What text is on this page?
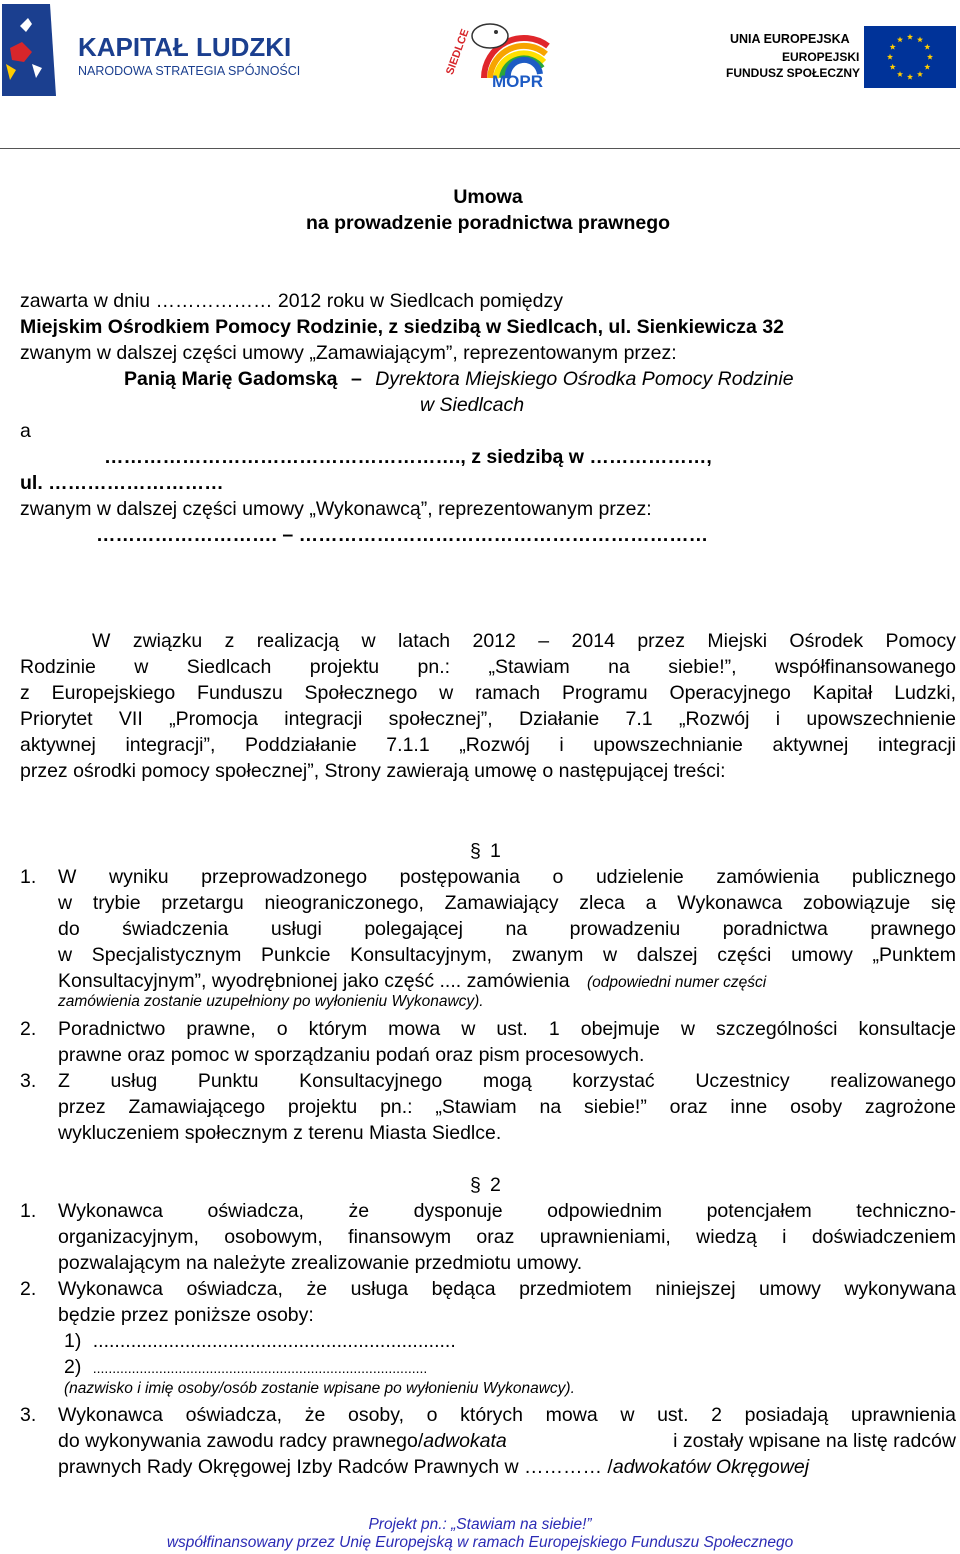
KAPITAŁ LUDZKI
NARODOWA STRATEGIA SPÓJNOŚCI	SIEDLCE
MOPR
UNIA EUROPEJSKA
EUROPEJSKI
FUNDUSZ SPOŁECZNY
Umowa
na prowadzenie poradnictwa prawnego
zawarta w dniu ……………… 2012 roku w Siedlcach pomiędzy
Miejskim Ośrodkiem Pomocy Rodzinie, z siedzibą w Siedlcach, ul. Sienkiewicza 32
zwanym w dalszej części umowy „Zamawiającym”, reprezentowanym przez:
Panią Marię Gadomską – Dyrektora Miejskiego Ośrodka Pomocy Rodzinie
w Siedlcach
a
………………………………………………., z siedzibą w ………………,
ul. ………………………
zwanym w dalszej części umowy „Wykonawcą”, reprezentowanym przez:
………………………. – ………………………………………………………
W związku z realizacją w latach 2012 – 2014 przez Miejski Ośrodek Pomocy
Rodzinie w Siedlcach projektu pn.: „Stawiam na siebie!”, współfinansowanego
z Europejskiego Funduszu Społecznego w ramach Programu Operacyjnego Kapitał Ludzki,
Priorytet VII „Promocja integracji społecznej”, Działanie 7.1 „Rozwój i upowszechnienie
aktywnej integracji”, Poddziałanie 7.1.1 „Rozwój i upowszechnianie aktywnej integracji
przez ośrodki pomocy społecznej”, Strony zawierają umowę o następującej treści:
§ 1
1. W wyniku przeprowadzonego postępowania o udzielenie zamówienia publicznego
w trybie przetargu nieograniczonego, Zamawiający zleca a Wykonawca zobowiązuje się
do świadczenia usługi polegającej na prowadzeniu poradnictwa prawnego
w Specjalistycznym Punkcie Konsultacyjnym, zwanym w dalszej części umowy „Punktem
Konsultacyjnym”, wyodrębnionej jako część .... zamówienia (odpowiedni numer części
zamówienia zostanie uzupełniony po wyłonieniu Wykonawcy).
2. Poradnictwo prawne, o którym mowa w ust. 1 obejmuje w szczególności konsultacje
prawne oraz pomoc w sporządzaniu podań oraz pism procesowych.
3. Z usług Punktu Konsultacyjnego mogą korzystać Uczestnicy realizowanego
przez Zamawiającego projektu pn.: „Stawiam na siebie!” oraz inne osoby zagrożone
wykluczeniem społecznym z terenu Miasta Siedlce.
§ 2
1. Wykonawca oświadcza, że dysponuje odpowiednim potencjałem techniczno-
organizacyjnym, osobowym, finansowym oraz uprawnieniami, wiedzą i doświadczeniem
pozwalającym na należyte zrealizowanie przedmiotu umowy.
2. Wykonawca oświadcza, że usługa będąca przedmiotem niniejszej umowy wykonywana
będzie przez poniższe osoby:
1) ...................................................................
2) ......................................................................................
(nazwisko i imię osoby/osób zostanie wpisane po wyłonieniu Wykonawcy).
3. Wykonawca oświadcza, że osoby, o których mowa w ust. 2 posiadają uprawnienia
do wykonywania zawodu radcy prawnego/adwokata	i zostały wpisane na listę radców
prawnych Rady Okręgowej Izby Radców Prawnych w ………… /adwokatów Okręgowej
Projekt pn.: „Stawiam na siebie!”
współfinansowany przez Unię Europejską w ramach Europejskiego Funduszu Społecznego
